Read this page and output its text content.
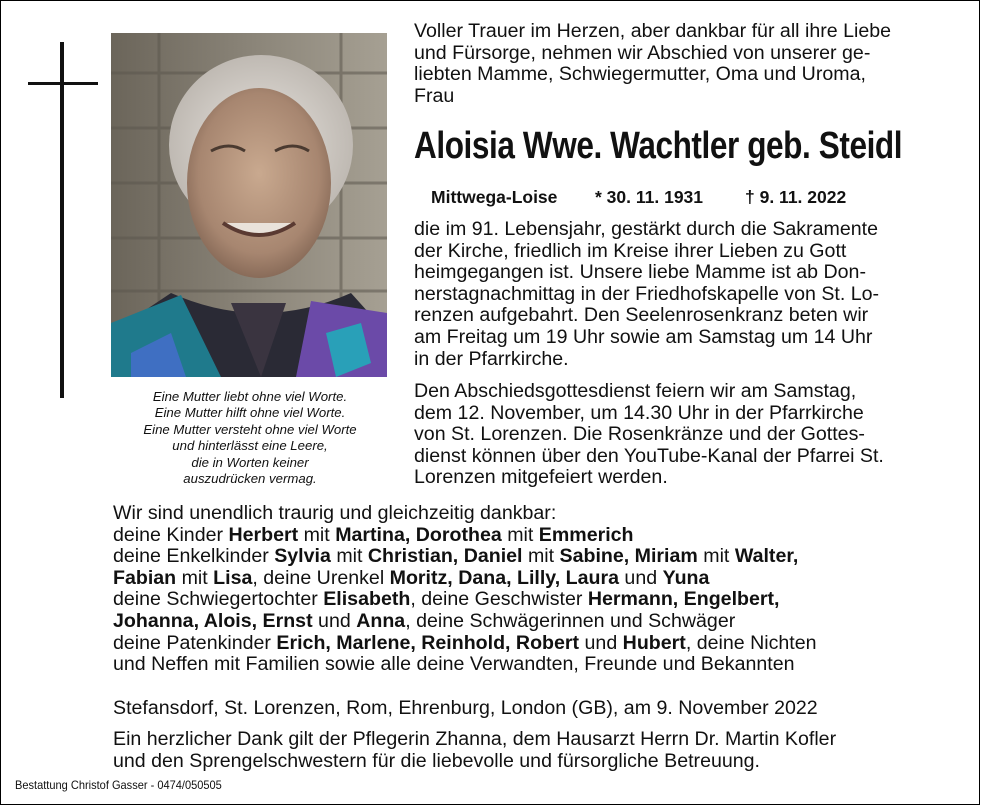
Eine Mutter liebt ohne viel Worte.
Eine Mutter hilft ohne viel Worte.
Eine Mutter versteht ohne viel Worte
und hinterlässt eine Leere,
die in Worten keiner
auszudrücken vermag.
Voller Trauer im Herzen, aber dankbar für all ihre Liebe
und Fürsorge, nehmen wir Abschied von unserer ge-
liebten Mamme, Schwiegermutter, Oma und Uroma,
Frau
Aloisia Wwe. Wachtler geb. Steidl
Mittwega-Loise * 30. 11. 1931 † 9. 11. 2022
die im 91. Lebensjahr, gestärkt durch die Sakramente
der Kirche, friedlich im Kreise ihrer Lieben zu Gott
heimgegangen ist. Unsere liebe Mamme ist ab Don-
nerstagnachmittag in der Friedhofskapelle von St. Lo-
renzen aufgebahrt. Den Seelenrosenkranz beten wir
am Freitag um 19 Uhr sowie am Samstag um 14 Uhr
in der Pfarrkirche.
Den Abschiedsgottesdienst feiern wir am Samstag,
dem 12. November, um 14.30 Uhr in der Pfarrkirche
von St. Lorenzen. Die Rosenkränze und der Gottes-
dienst können über den YouTube-Kanal der Pfarrei St.
Lorenzen mitgefeiert werden.
Wir sind unendlich traurig und gleichzeitig dankbar:
deine Kinder Herbert mit Martina, Dorothea mit Emmerich
deine Enkelkinder Sylvia mit Christian, Daniel mit Sabine, Miriam mit Walter,
Fabian mit Lisa, deine Urenkel Moritz, Dana, Lilly, Laura und Yuna
deine Schwiegertochter Elisabeth, deine Geschwister Hermann, Engelbert,
Johanna, Alois, Ernst und Anna, deine Schwägerinnen und Schwäger
deine Patenkinder Erich, Marlene, Reinhold, Robert und Hubert, deine Nichten
und Neffen mit Familien sowie alle deine Verwandten, Freunde und Bekannten
Stefansdorf, St. Lorenzen, Rom, Ehrenburg, London (GB), am 9. November 2022
Ein herzlicher Dank gilt der Pflegerin Zhanna, dem Hausarzt Herrn Dr. Martin Kofler
und den Sprengelschwestern für die liebevolle und fürsorgliche Betreuung.
Bestattung Christof Gasser - 0474/050505
